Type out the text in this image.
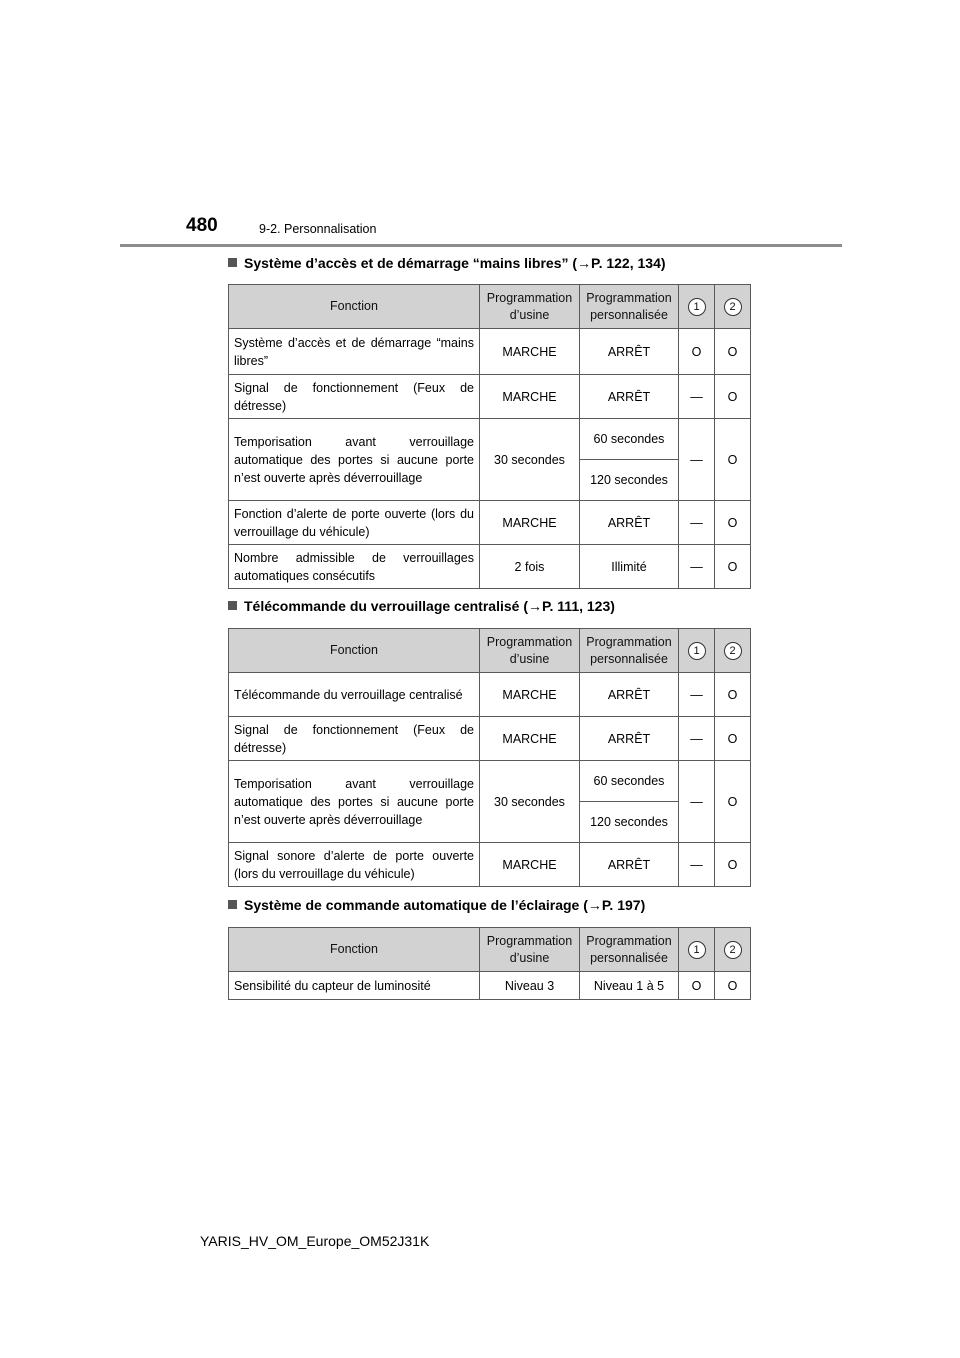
480	9-2. Personnalisation
Système d’accès et de démarrage “mains libres” (→P. 122, 134)
Fonction	Programmation d’usine	Programmation personnalisée	1	2
Système d’accès et de démarrage “mains libres”	MARCHE	ARRÊT	O	O
Signal de fonctionnement (Feux de détresse)	MARCHE	ARRÊT	—	O
Temporisation avant verrouillage automatique des portes si aucune porte n’est ouverte après déverrouillage	30 secondes	60 secondes	—	O
		120 secondes		
Fonction d’alerte de porte ouverte (lors du verrouillage du véhicule)	MARCHE	ARRÊT	—	O
Nombre admissible de verrouillages automatiques consécutifs	2 fois	Illimité	—	O
Télécommande du verrouillage centralisé (→P. 111, 123)
Fonction	Programmation d’usine	Programmation personnalisée	1	2
Télécommande du verrouillage centralisé	MARCHE	ARRÊT	—	O
Signal de fonctionnement (Feux de détresse)	MARCHE	ARRÊT	—	O
Temporisation avant verrouillage automatique des portes si aucune porte n’est ouverte après déverrouillage	30 secondes	60 secondes	—	O
		120 secondes		
Signal sonore d’alerte de porte ouverte (lors du verrouillage du véhicule)	MARCHE	ARRÊT	—	O
Système de commande automatique de l’éclairage (→P. 197)
Fonction	Programmation d’usine	Programmation personnalisée	1	2
Sensibilité du capteur de luminosité	Niveau 3	Niveau 1 à 5	O	O
YARIS_HV_OM_Europe_OM52J31K
